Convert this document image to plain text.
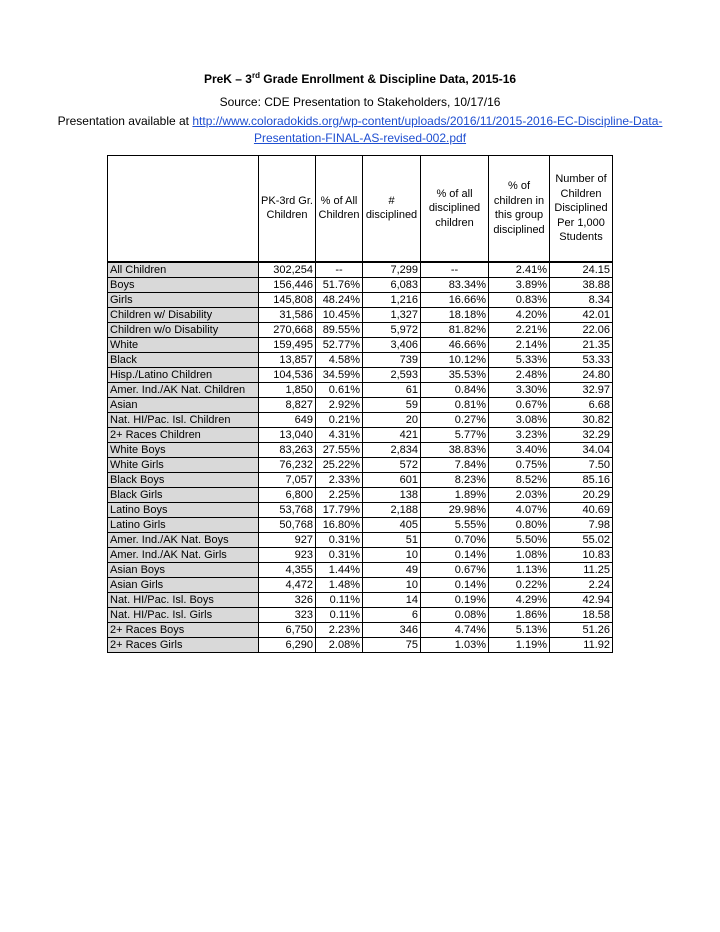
PreK – 3rd Grade Enrollment & Discipline Data, 2015-16
Source: CDE Presentation to Stakeholders, 10/17/16
Presentation available at http://www.coloradokids.org/wp-content/uploads/2016/11/2015-2016-EC-Discipline-Data-
Presentation-FINAL-AS-revised-002.pdf
	PK-3rd Gr. Children	% of All Children	# disciplined	% of all disciplined children	% of children in this group disciplined	Number of Children Disciplined Per 1,000 Students
All Children	302,254	--	7,299	--	2.41%	24.15
Boys	156,446	51.76%	6,083	83.34%	3.89%	38.88
Girls	145,808	48.24%	1,216	16.66%	0.83%	8.34
Children w/ Disability	31,586	10.45%	1,327	18.18%	4.20%	42.01
Children w/o Disability	270,668	89.55%	5,972	81.82%	2.21%	22.06
White	159,495	52.77%	3,406	46.66%	2.14%	21.35
Black	13,857	4.58%	739	10.12%	5.33%	53.33
Hisp./Latino Children	104,536	34.59%	2,593	35.53%	2.48%	24.80
Amer. Ind./AK Nat. Children	1,850	0.61%	61	0.84%	3.30%	32.97
Asian	8,827	2.92%	59	0.81%	0.67%	6.68
Nat. HI/Pac. Isl. Children	649	0.21%	20	0.27%	3.08%	30.82
2+ Races Children	13,040	4.31%	421	5.77%	3.23%	32.29
White Boys	83,263	27.55%	2,834	38.83%	3.40%	34.04
White Girls	76,232	25.22%	572	7.84%	0.75%	7.50
Black Boys	7,057	2.33%	601	8.23%	8.52%	85.16
Black Girls	6,800	2.25%	138	1.89%	2.03%	20.29
Latino Boys	53,768	17.79%	2,188	29.98%	4.07%	40.69
Latino Girls	50,768	16.80%	405	5.55%	0.80%	7.98
Amer. Ind./AK Nat. Boys	927	0.31%	51	0.70%	5.50%	55.02
Amer. Ind./AK Nat. Girls	923	0.31%	10	0.14%	1.08%	10.83
Asian Boys	4,355	1.44%	49	0.67%	1.13%	11.25
Asian Girls	4,472	1.48%	10	0.14%	0.22%	2.24
Nat. HI/Pac. Isl. Boys	326	0.11%	14	0.19%	4.29%	42.94
Nat. HI/Pac. Isl. Girls	323	0.11%	6	0.08%	1.86%	18.58
2+ Races Boys	6,750	2.23%	346	4.74%	5.13%	51.26
2+ Races Girls	6,290	2.08%	75	1.03%	1.19%	11.92
